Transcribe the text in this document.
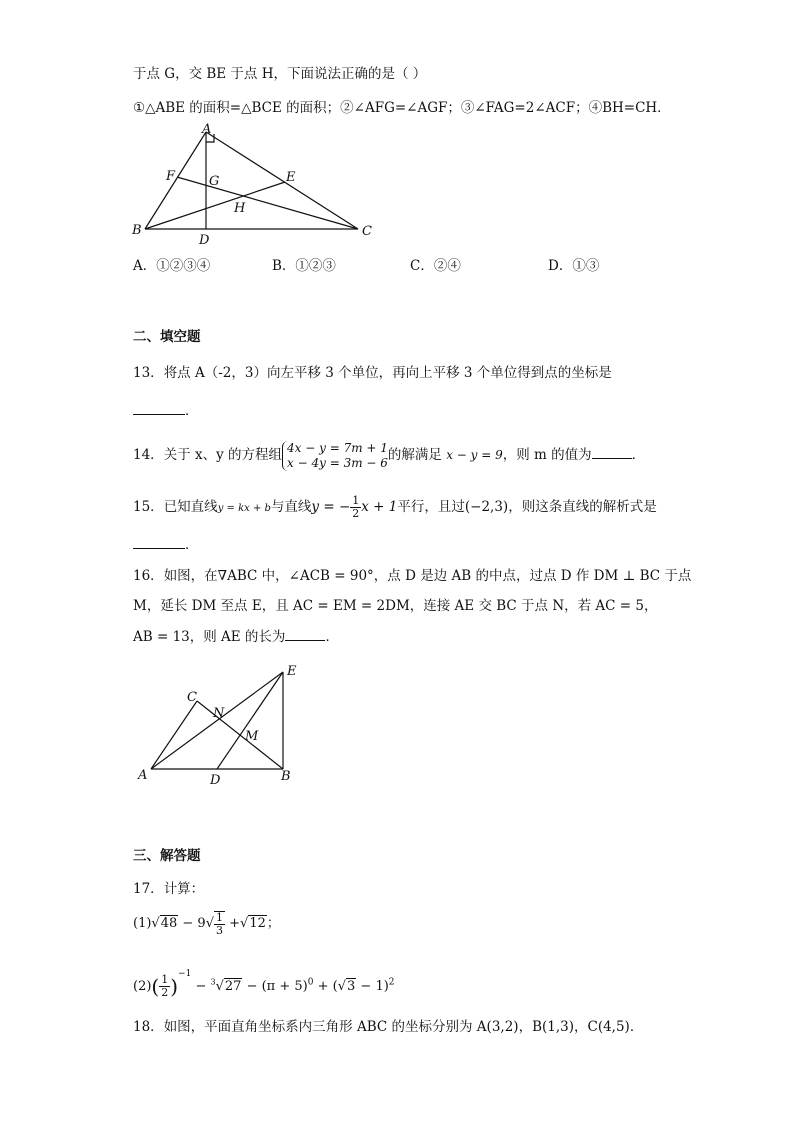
于点 G，交 BE 于点 H，下面说法正确的是（ ）
①△ABE 的面积=△BCE 的面积；②∠AFG=∠AGF；③∠FAG=2∠ACF；④BH=CH．
A
B	C
D
E
F	G
H
A．①②③④	B．①②③	C．②④	D．①③
二、填空题
13．将点 A（-2，3）向左平移 3 个单位，再向上平移 3 个单位得到点的坐标是
．
14．关于 x、y 的方程组 4x − y = 7m + 1
x − 4y = 3m − 6 的解满足 x − y = 9，则 m 的值为	．
15．已知直线y = kx + b与直线y = − $\frac{1}{2}$ x + 1平行，且过(−2,3)，则这条直线的解析式是
．
16．如图，在∇ABC 中，∠ACB = 90°，点 D 是边 AB 的中点，过点 D 作 DM ⊥ BC 于点
M，延长 DM 至点 E，且 AC = EM = 2DM，连接 AE 交 BC 于点 N，若 AC = 5，
AB = 13，则 AE 的长为	．
A	B
C
D
E
M
N
三、解答题
17．计算：
$(1)√48 - 9√ \frac{1}{3} +√12$；
$(2)( \frac{1}{2} )^{-1} - ^3√27 - (\pi + 5)^0 + (√3 - 1)^2$
18．如图，平面直角坐标系内三角形 ABC 的坐标分别为 A(3,2)，B(1,3)，C(4,5)．
